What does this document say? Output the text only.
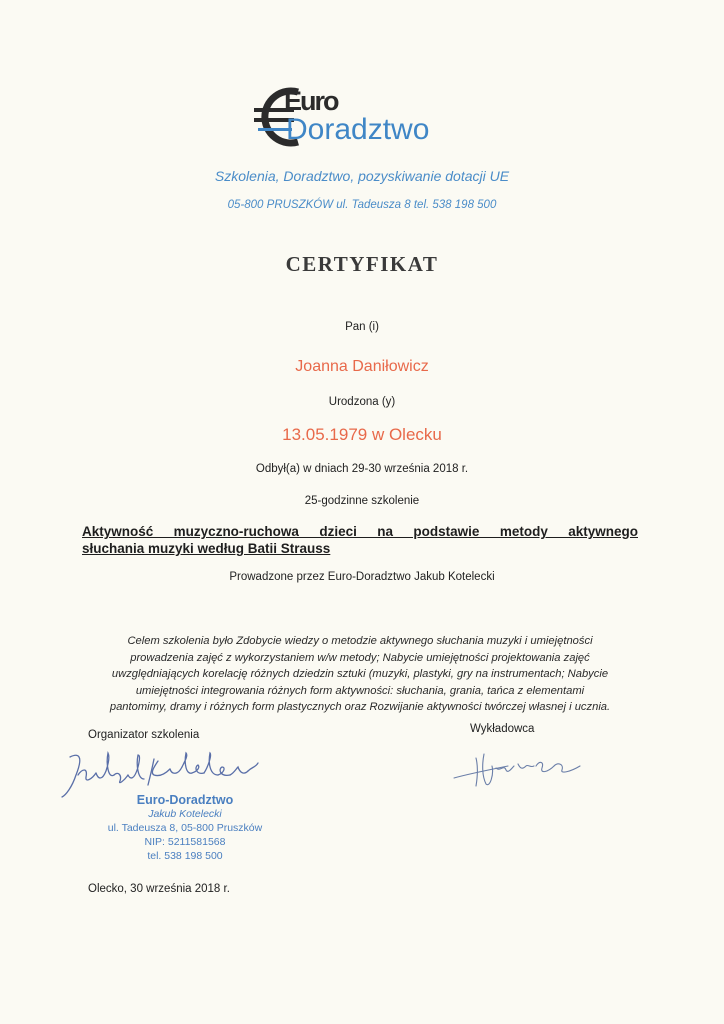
Euro
Doradztwo
Szkolenia, Doradztwo, pozyskiwanie dotacji UE
05-800 PRUSZKÓW ul. Tadeusza 8 tel. 538 198 500
CERTYFIKAT
Pan (i)
Joanna Daniłowicz
Urodzona (y)
13.05.1979 w Olecku
Odbył(a) w dniach 29-30 września 2018 r.
25-godzinne szkolenie
Aktywność muzyczno-ruchowa dzieci na podstawie metody aktywnego
słuchania muzyki według Batii Strauss
Prowadzone przez Euro-Doradztwo Jakub Kotelecki
Celem szkolenia było Zdobycie wiedzy o metodzie aktywnego słuchania muzyki i umiejętności
prowadzenia zajęć z wykorzystaniem w/w metody; Nabycie umiejętności projektowania zajęć
uwzględniających korelację różnych dziedzin sztuki (muzyki, plastyki, gry na instrumentach; Nabycie
umiejętności integrowania różnych form aktywności: słuchania, grania, tańca z elementami
pantomimy, dramy i różnych form plastycznych oraz Rozwijanie aktywności twórczej własnej i ucznia.
Organizator szkolenia	Wykładowca
Euro-Doradztwo
Jakub Kotelecki
ul. Tadeusza 8, 05-800 Pruszków
NIP: 5211581568
tel. 538 198 500
Olecko, 30 września 2018 r.
